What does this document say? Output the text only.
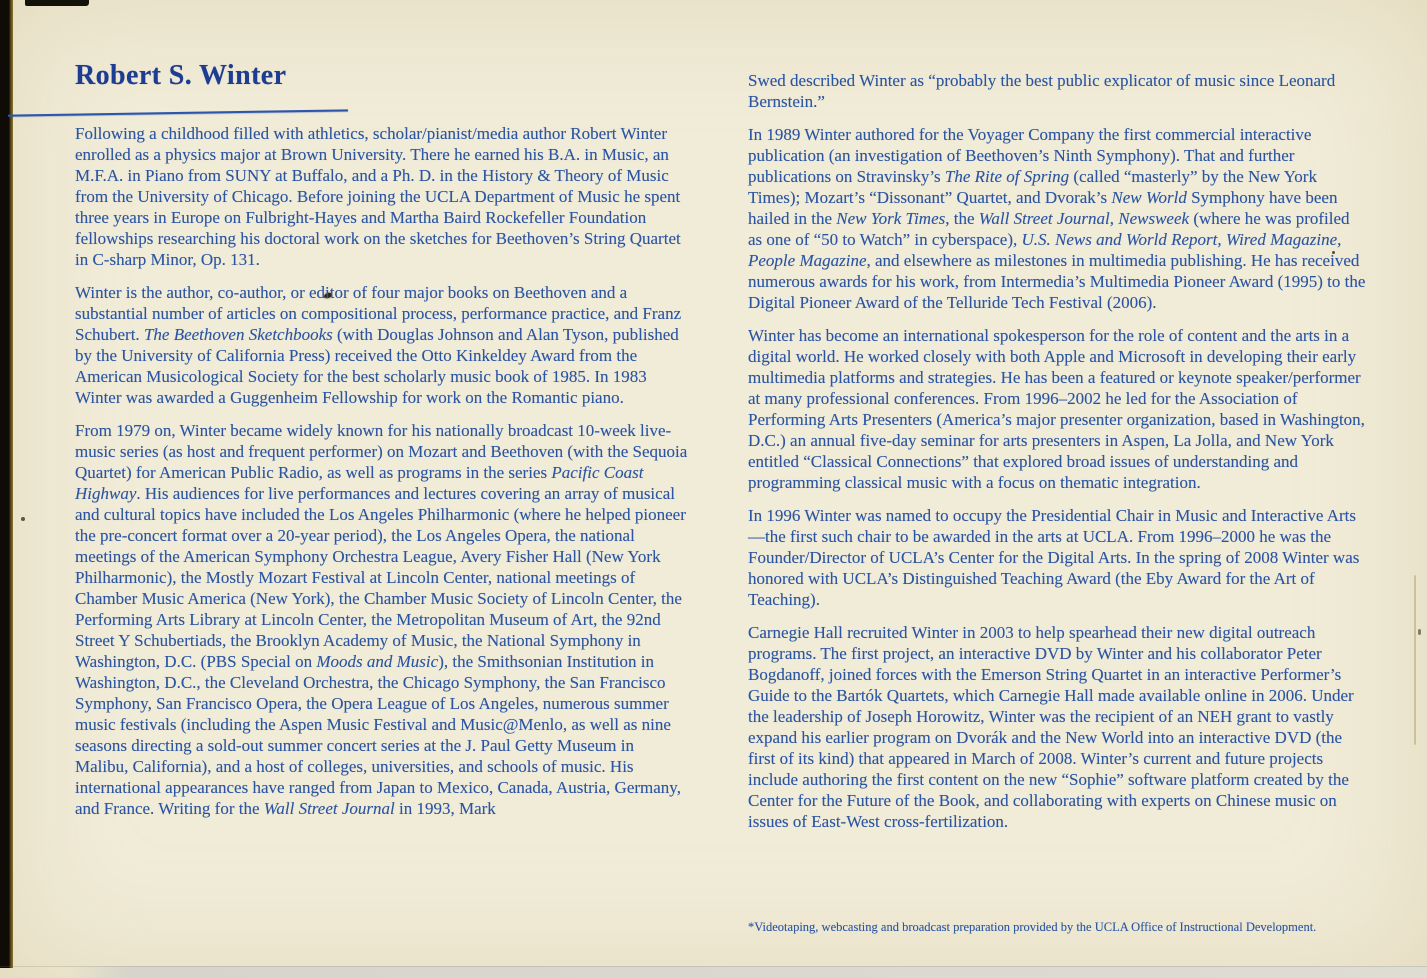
Robert S. Winter

Following a childhood filled with athletics, scholar/pianist/media author Robert Winter enrolled as a physics major at Brown University. There he earned his B.A. in Music, an M.F.A. in Piano from SUNY at Buffalo, and a Ph. D. in the History & Theory of Music from the University of Chicago. Before joining the UCLA Department of Music he spent three years in Europe on Fulbright-Hayes and Martha Baird Rockefeller Foundation fellowships researching his doctoral work on the sketches for Beethoven’s String Quartet in C-sharp Minor, Op. 131.

Winter is the author, co-author, or editor of four major books on Beethoven and a substantial number of articles on compositional process, performance practice, and Franz Schubert. The Beethoven Sketchbooks (with Douglas Johnson and Alan Tyson, published by the University of California Press) received the Otto Kinkeldey Award from the American Musicological Society for the best scholarly music book of 1985. In 1983 Winter was awarded a Guggenheim Fellowship for work on the Romantic piano.

From 1979 on, Winter became widely known for his nationally broadcast 10-week live-music series (as host and frequent performer) on Mozart and Beethoven (with the Sequoia Quartet) for American Public Radio, as well as programs in the series Pacific Coast Highway. His audiences for live performances and lectures covering an array of musical and cultural topics have included the Los Angeles Philharmonic (where he helped pioneer the pre-concert format over a 20-year period), the Los Angeles Opera, the national meetings of the American Symphony Orchestra League, Avery Fisher Hall (New York Philharmonic), the Mostly Mozart Festival at Lincoln Center, national meetings of Chamber Music America (New York), the Chamber Music Society of Lincoln Center, the Performing Arts Library at Lincoln Center, the Metropolitan Museum of Art, the 92nd Street Y Schubertiads, the Brooklyn Academy of Music, the National Symphony in Washington, D.C. (PBS Special on Moods and Music), the Smithsonian Institution in Washington, D.C., the Cleveland Orchestra, the Chicago Symphony, the San Francisco Symphony, San Francisco Opera, the Opera League of Los Angeles, numerous summer music festivals (including the Aspen Music Festival and Music@Menlo, as well as nine seasons directing a sold-out summer concert series at the J. Paul Getty Museum in Malibu, California), and a host of colleges, universities, and schools of music. His international appearances have ranged from Japan to Mexico, Canada, Austria, Germany, and France. Writing for the Wall Street Journal in 1993, Mark

Swed described Winter as “probably the best public explicator of music since Leonard Bernstein.”

In 1989 Winter authored for the Voyager Company the first commercial interactive publication (an investigation of Beethoven’s Ninth Symphony). That and further publications on Stravinsky’s The Rite of Spring (called “masterly” by the New York Times); Mozart’s “Dissonant” Quartet, and Dvorak’s New World Symphony have been hailed in the New York Times, the Wall Street Journal, Newsweek (where he was profiled as one of “50 to Watch” in cyberspace), U.S. News and World Report, Wired Magazine, People Magazine, and elsewhere as milestones in multimedia publishing. He has received numerous awards for his work, from Intermedia’s Multimedia Pioneer Award (1995) to the Digital Pioneer Award of the Telluride Tech Festival (2006).

Winter has become an international spokesperson for the role of content and the arts in a digital world. He worked closely with both Apple and Microsoft in developing their early multimedia platforms and strategies. He has been a featured or keynote speaker/performer at many professional conferences. From 1996–2002 he led for the Association of Performing Arts Presenters (America’s major presenter organization, based in Washington, D.C.) an annual five-day seminar for arts presenters in Aspen, La Jolla, and New York entitled “Classical Connections” that explored broad issues of understanding and programming classical music with a focus on thematic integration.

In 1996 Winter was named to occupy the Presidential Chair in Music and Interactive Arts—the first such chair to be awarded in the arts at UCLA. From 1996–2000 he was the Founder/Director of UCLA’s Center for the Digital Arts. In the spring of 2008 Winter was honored with UCLA’s Distinguished Teaching Award (the Eby Award for the Art of Teaching).

Carnegie Hall recruited Winter in 2003 to help spearhead their new digital outreach programs. The first project, an interactive DVD by Winter and his collaborator Peter Bogdanoff, joined forces with the Emerson String Quartet in an interactive Performer’s Guide to the Bartók Quartets, which Carnegie Hall made available online in 2006. Under the leadership of Joseph Horowitz, Winter was the recipient of an NEH grant to vastly expand his earlier program on Dvorák and the New World into an interactive DVD (the first of its kind) that appeared in March of 2008. Winter’s current and future projects include authoring the first content on the new “Sophie” software platform created by the Center for the Future of the Book, and collaborating with experts on Chinese music on issues of East-West cross-fertilization.

*Videotaping, webcasting and broadcast preparation provided by the UCLA Office of Instructional Development.
